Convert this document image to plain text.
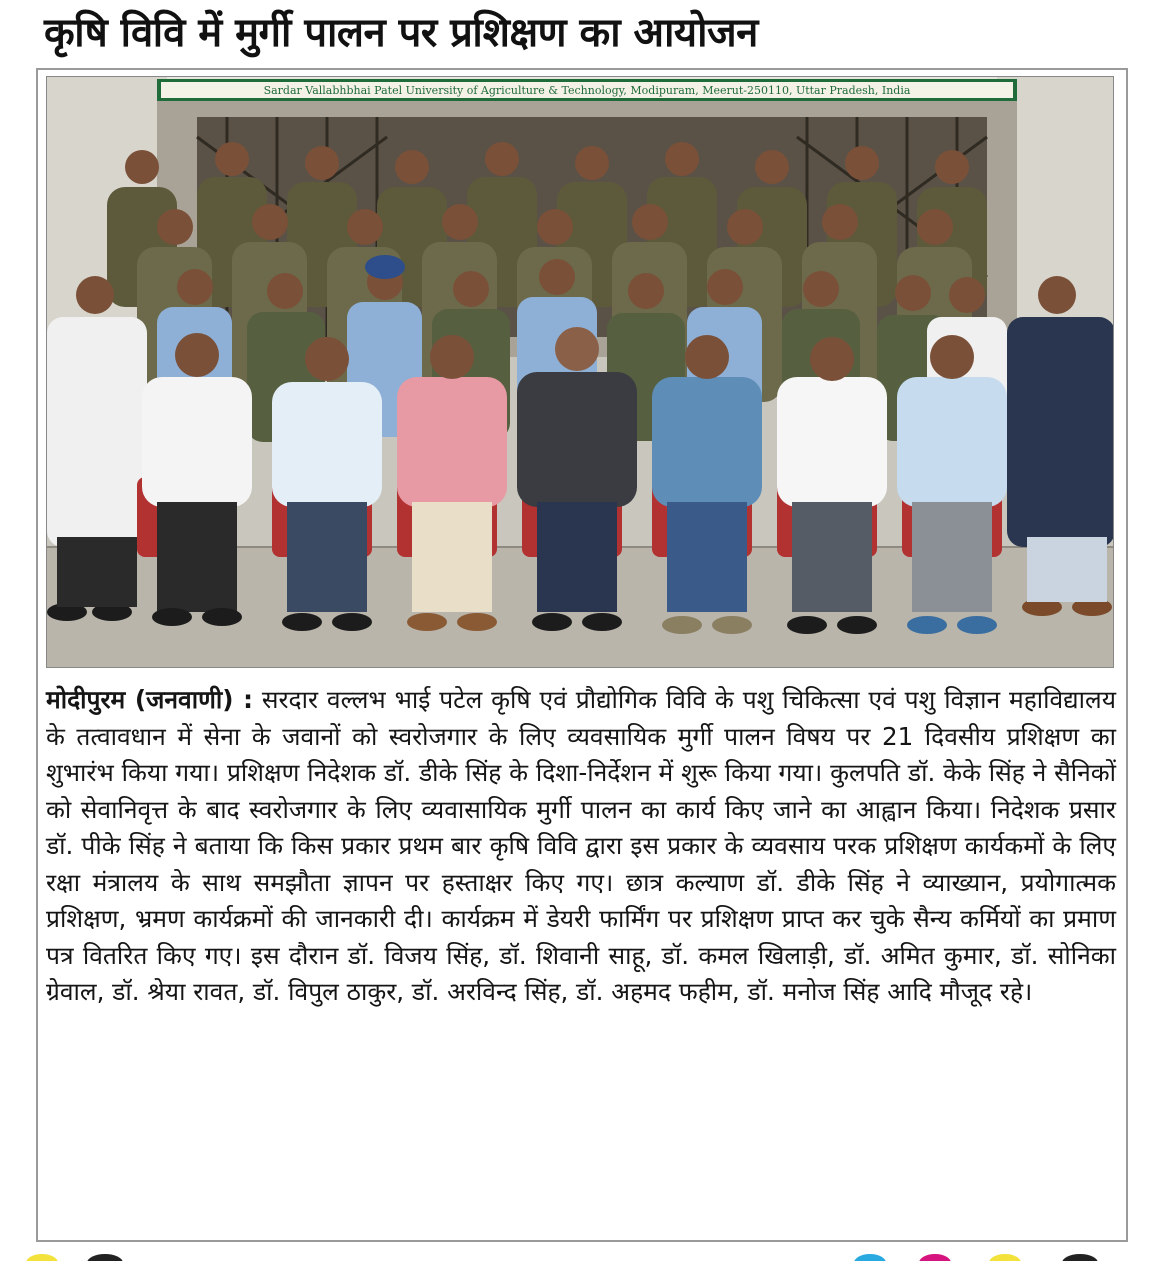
कृषि विवि में मुर्गी पालन पर प्रशिक्षण का आयोजन
Sardar Vallabhbhai Patel University of Agriculture & Technology, Modipuram, Meerut-250110, Uttar Pradesh, India
मोदीपुरम (जनवाणी) : सरदार वल्लभ भाई पटेल कृषि एवं प्रौद्योगिक विवि के पशु चिकित्सा एवं पशु विज्ञान महाविद्यालय के तत्वावधान में सेना के जवानों को स्वरोजगार के लिए व्यवसायिक मुर्गी पालन विषय पर 21 दिवसीय प्रशिक्षण का शुभारंभ किया गया। प्रशिक्षण निदेशक डॉ. डीके सिंह के दिशा-निर्देशन में शुरू किया गया। कुलपति डॉ. केके सिंह ने सैनिकों को सेवानिवृत्त के बाद स्वरोजगार के लिए व्यवासायिक मुर्गी पालन का कार्य किए जाने का आह्वान किया। निदेशक प्रसार डॉ. पीके सिंह ने बताया कि किस प्रकार प्रथम बार कृषि विवि द्वारा इस प्रकार के व्यवसाय परक प्रशिक्षण कार्यकमों के लिए रक्षा मंत्रालय के साथ समझौता ज्ञापन पर हस्ताक्षर किए गए। छात्र कल्याण डॉ. डीके सिंह ने व्याख्यान, प्रयोगात्मक प्रशिक्षण, भ्रमण कार्यक्रमों की जानकारी दी। कार्यक्रम में डेयरी फार्मिंग पर प्रशिक्षण प्राप्त कर चुके सैन्य कर्मियों का प्रमाण पत्र वितरित किए गए। इस दौरान डॉ. विजय सिंह, डॉ. शिवानी साहू, डॉ. कमल खिलाड़ी, डॉ. अमित कुमार, डॉ. सोनिका ग्रेवाल, डॉ. श्रेया रावत, डॉ. विपुल ठाकुर, डॉ. अरविन्द सिंह, डॉ. अहमद फहीम, डॉ. मनोज सिंह आदि मौजूद रहे।
